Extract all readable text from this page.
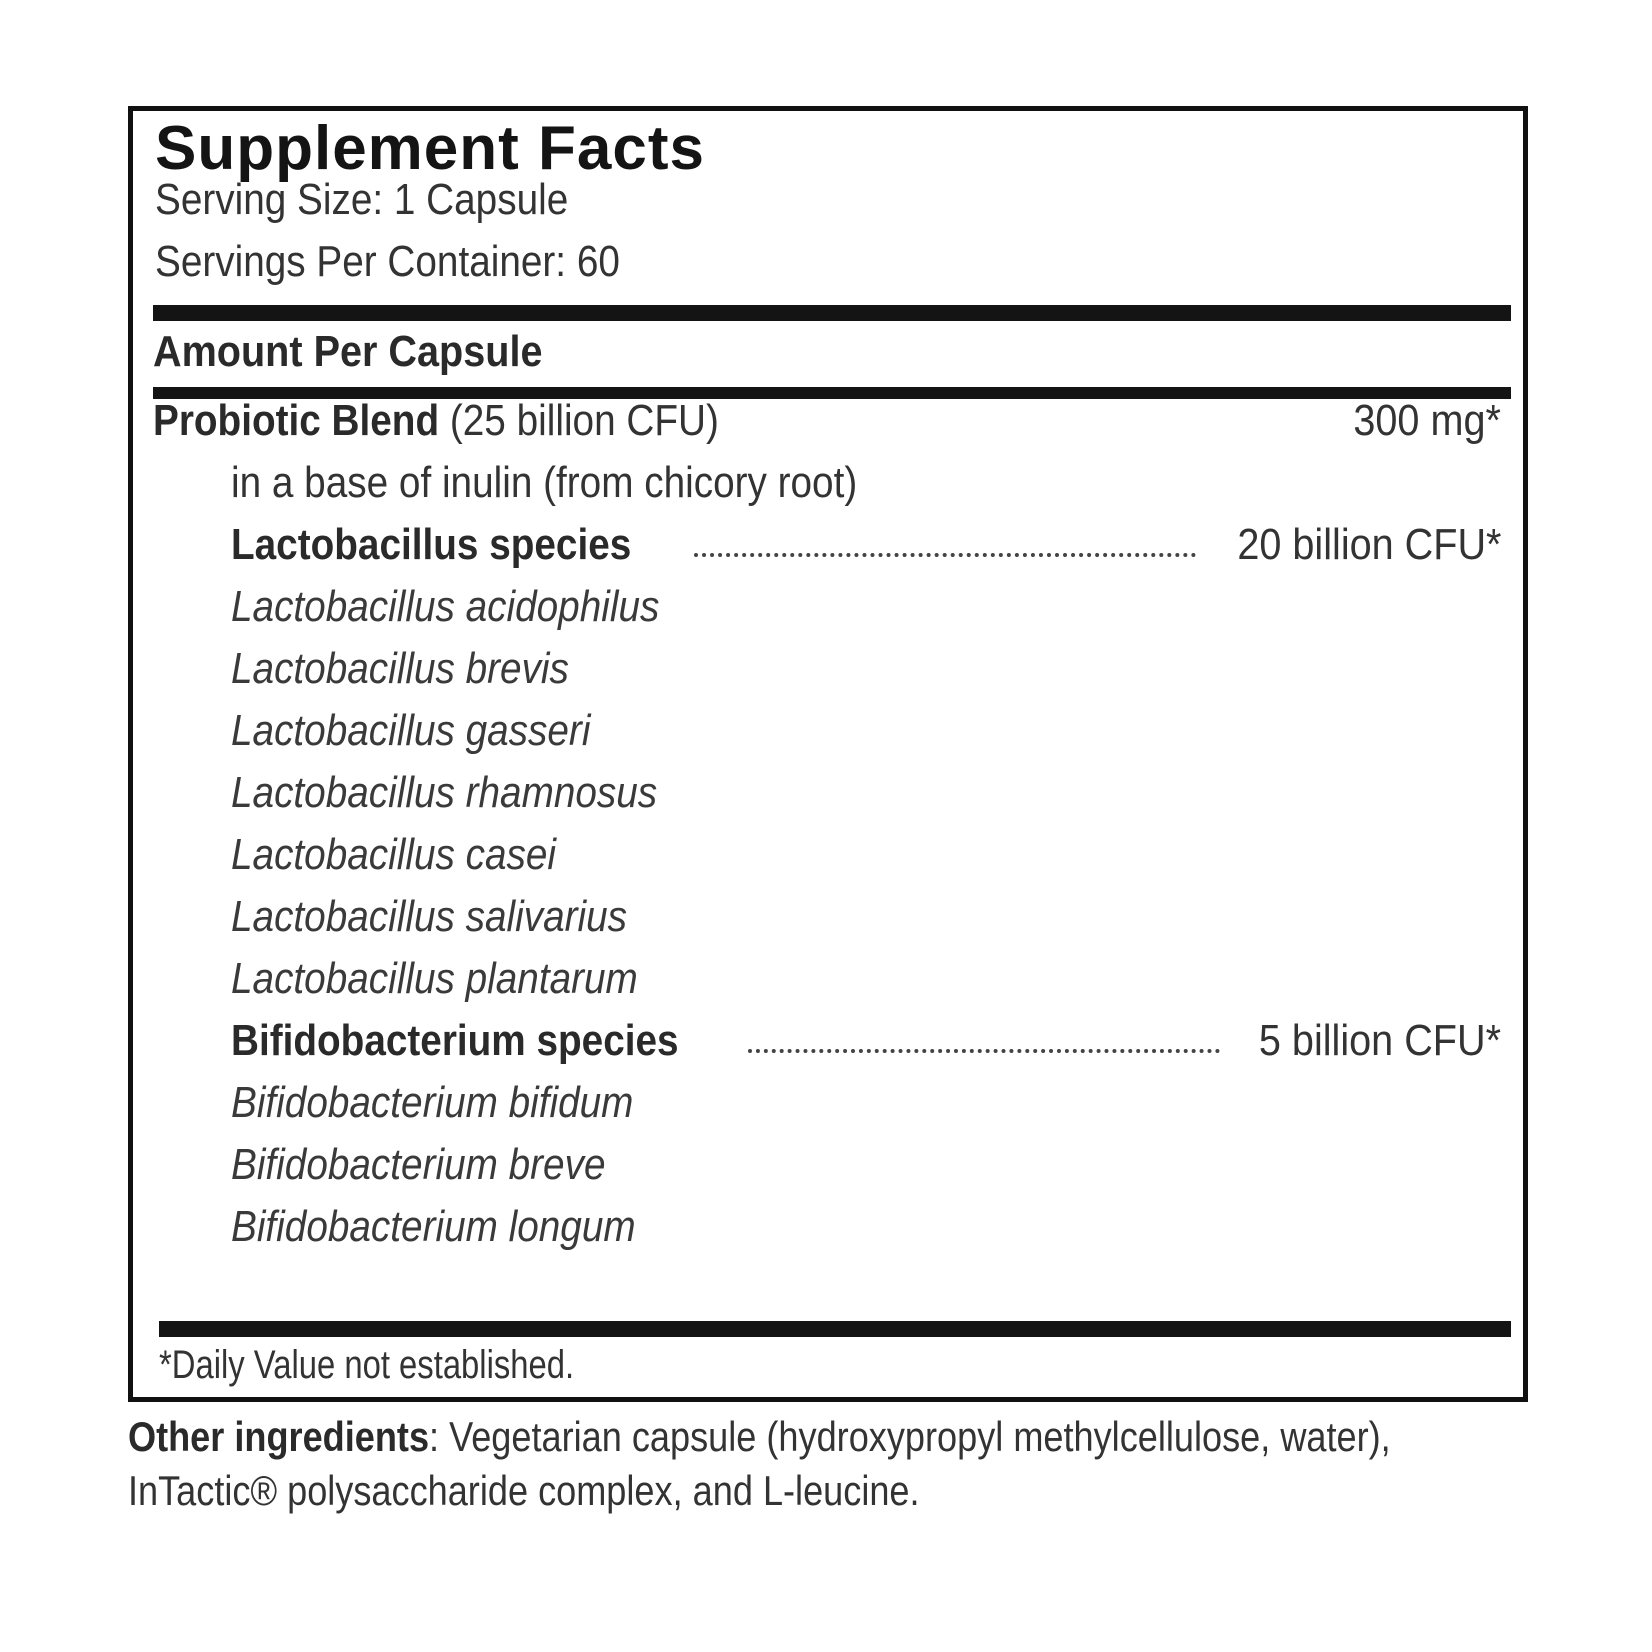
Supplement Facts
Serving Size: 1 Capsule
Servings Per Container: 60
Amount Per Capsule
Probiotic Blend (25 billion CFU)	300 mg*
in a base of inulin (from chicory root)
Lactobacillus species	20 billion CFU*
Lactobacillus acidophilus
Lactobacillus brevis
Lactobacillus gasseri
Lactobacillus rhamnosus
Lactobacillus casei
Lactobacillus salivarius
Lactobacillus plantarum
Bifidobacterium species	5 billion CFU*
Bifidobacterium bifidum
Bifidobacterium breve
Bifidobacterium longum
*Daily Value not established.
Other ingredients: Vegetarian capsule (hydroxypropyl methylcellulose, water), InTactic® polysaccharide complex, and L-leucine.
